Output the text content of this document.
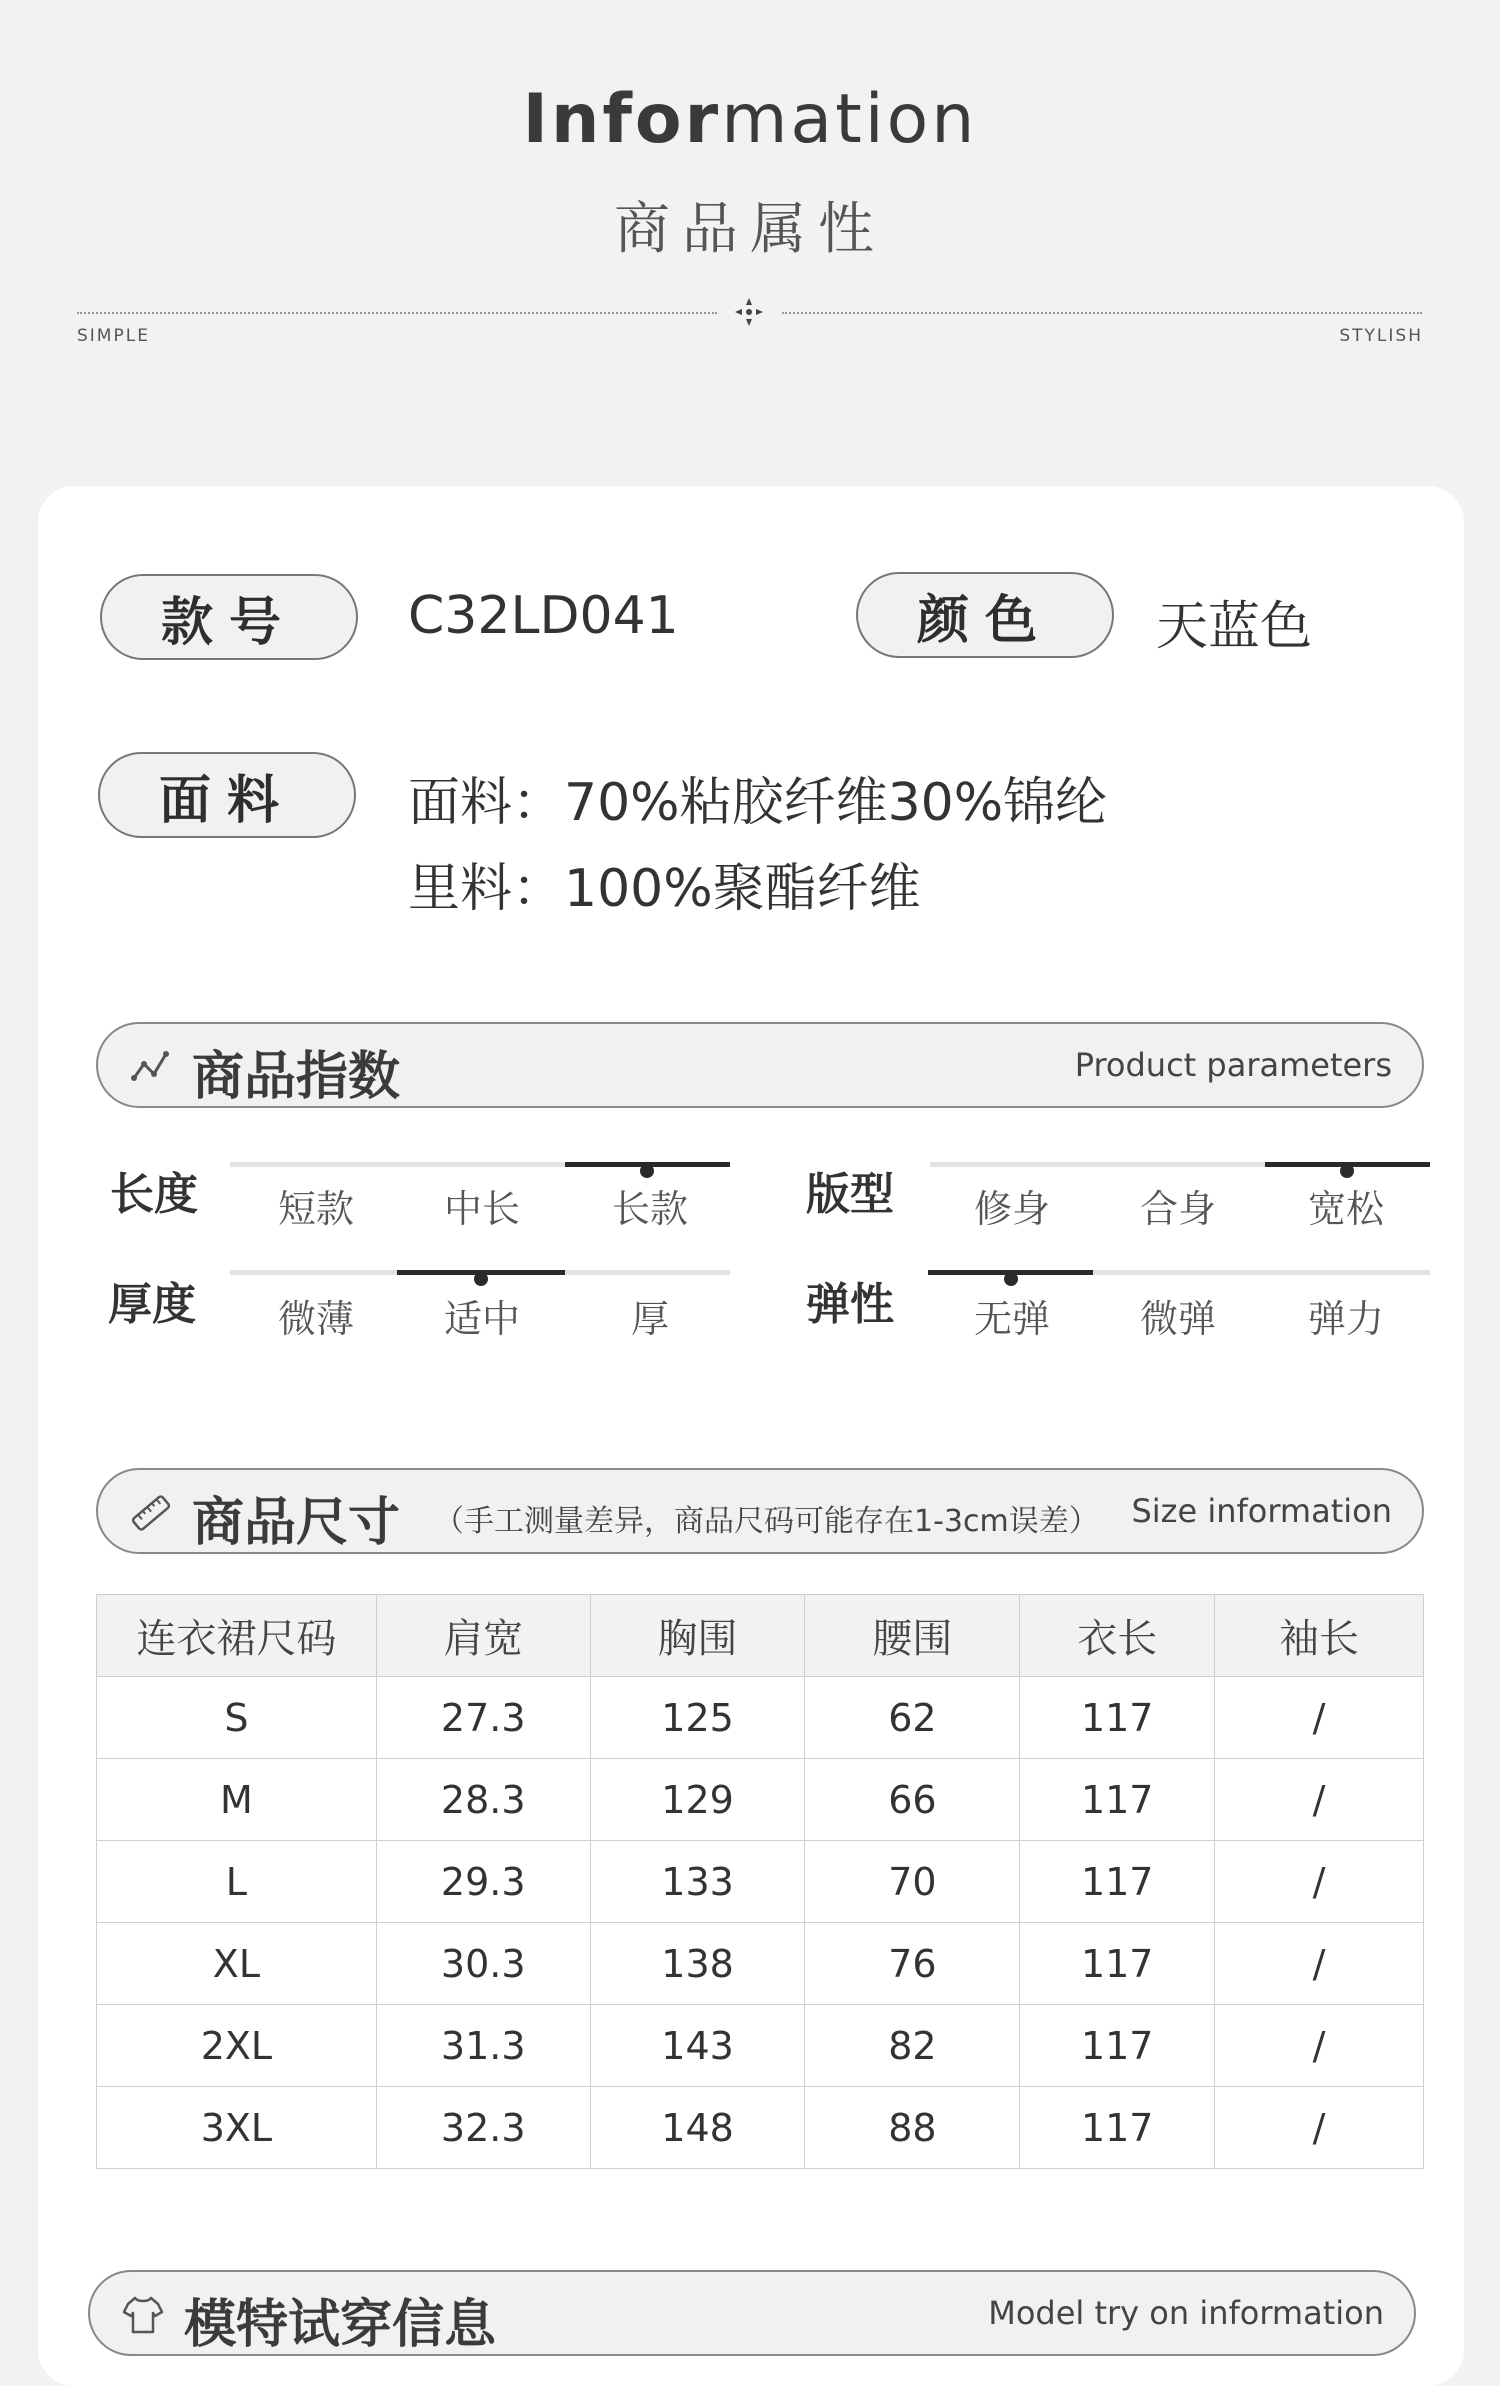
Information
商品属性
SIMPLE	STYLISH
款号	C32LD041	颜色	天蓝色
面料	面料：70%粘胶纤维30%锦纶
里料：100%聚酯纤维
商品指数	Product parameters
长度	短款	中长	长款	版型	修身	合身	宽松
厚度	微薄	适中	厚	弹性	无弹	微弹	弹力
商品尺寸 （手工测量差异，商品尺码可能存在1-3cm误差） Size information
连衣裙尺码	肩宽	胸围	腰围	衣长	袖长
S	27.3	125	62	117	/
M	28.3	129	66	117	/
L	29.3	133	70	117	/
XL	30.3	138	76	117	/
2XL	31.3	143	82	117	/
3XL	32.3	148	88	117	/
模特试穿信息	Model try on information
